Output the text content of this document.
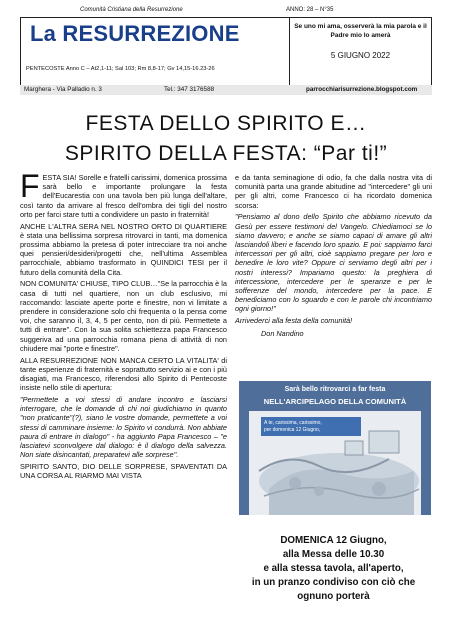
Comunità Cristiana della Resurrezione	ANNO: 28 – N°35
La RESURREZIONE
PENTECOSTE Anno C – At2,1-11; Sal 103; Rm 8,8-17; Gv 14,15-16.23-26
Se uno mi ama, osserverà la mia parola e il Padre mio lo amerà
5 GIUGNO 2022
Marghera - Via Palladio n. 3	Tel.: 347 3176588	parrocchiarisurrezione.blogspot.com
FESTA DELLO SPIRITO E…
SPIRITO DELLA FESTA: “Par ti!”

F ESTA SIA! Sorelle e fratelli carissimi, domenica prossima sarà bello e importante prolungare la festa dell'Eucarestia con una tavola ben più lunga dell'altare, così tanto da arrivare al fresco dell'ombra dei tigli del nostro orto per farci stare tutti a condividere un pasto in fraternità!

ANCHE L'ALTRA SERA NEL NOSTRO ORTO DI QUARTIERE è stata una bellissima sorpresa ritrovarci in tanti, ma domenica prossima abbiamo la pretesa di poter intrecciare tra noi anche quei pensieri/desideri/progetti che, nell'ultima Assemblea parrocchiale, abbiamo trasformato in QUINDICI TESI per il futuro della comunità della Cita.

NON COMUNITA' CHIUSE, TIPO CLUB…"Se la parrocchia è la casa di tutti nel quartiere, non un club esclusivo, mi raccomando: lasciate aperte porte e finestre, non vi limitate a prendere in considerazione solo chi frequenta o la pensa come voi, che saranno il, 3, 4, 5 per cento, non di più. Permettete a tutti di entrare". Con la sua solita schiettezza papa Francesco suggeriva ad una parrocchia romana piena di attività di non chiudere mai "porte e finestre".

ALLA RESURREZIONE NON MANCA CERTO LA VITALITA' di tante esperienze di fraternità e soprattutto servizio ai e con i più disagiati, ma Francesco, riferendosi allo Spirito di Pentecoste insiste nello stile di apertura:

"Permettete a voi stessi di andare incontro e lasciarsi interrogare, che le domande di chi noi giudichiamo in quanto "non praticante"(?), siano le vostre domande, permettete a voi stessi di camminare insieme: lo Spirito vi condurrà. Non abbiate paura di entrare in dialogo" - ha aggiunto Papa Francesco – "e lasciatevi sconvolgere dal dialogo: è il dialogo della salvezza. Non siate disincantati, preparatevi alle sorprese".

SPIRITO SANTO, DIO DELLE SORPRESE, SPAVENTATI DA UNA CORSA AL RIARMO MAI VISTA

e da tanta seminagione di odio, fa che dalla nostra vita di comunità parta una grande abitudine ad "intercedere" gli uni per gli altri, come Francesco ci ha ricordato domenica scorsa:

"Pensiamo al dono dello Spirito che abbiamo ricevuto da Gesù per essere testimoni del Vangelo. Chiediamoci se lo siamo davvero; e anche se siamo capaci di amare gli altri lasciandoli liberi e facendo loro spazio. E poi: sappiamo farci intercessori per gli altri, cioè sappiamo pregare per loro e benedire le loro vite? Oppure ci serviamo degli altri per i nostri interessi? Impariamo questo: la preghiera di intercessione, intercedere per le speranze e per le sofferenze del mondo, intercedere per la pace. E benediciamo con lo sguardo e con le parole chi incontriamo ogni giorno!"

Arrivederci alla festa della comunità!

Don Nandino

Sarà bello ritrovarci a far festa
NELL'ARCIPELAGO DELLA COMUNITÀ
A te, carissima, carissimo,
per domenica 12 Giugno,
DOMENICA 12 Giugno,
alla Messa delle 10.30
e alla stessa tavola, all'aperto,
in un pranzo condiviso con ciò che
ognuno porterà
